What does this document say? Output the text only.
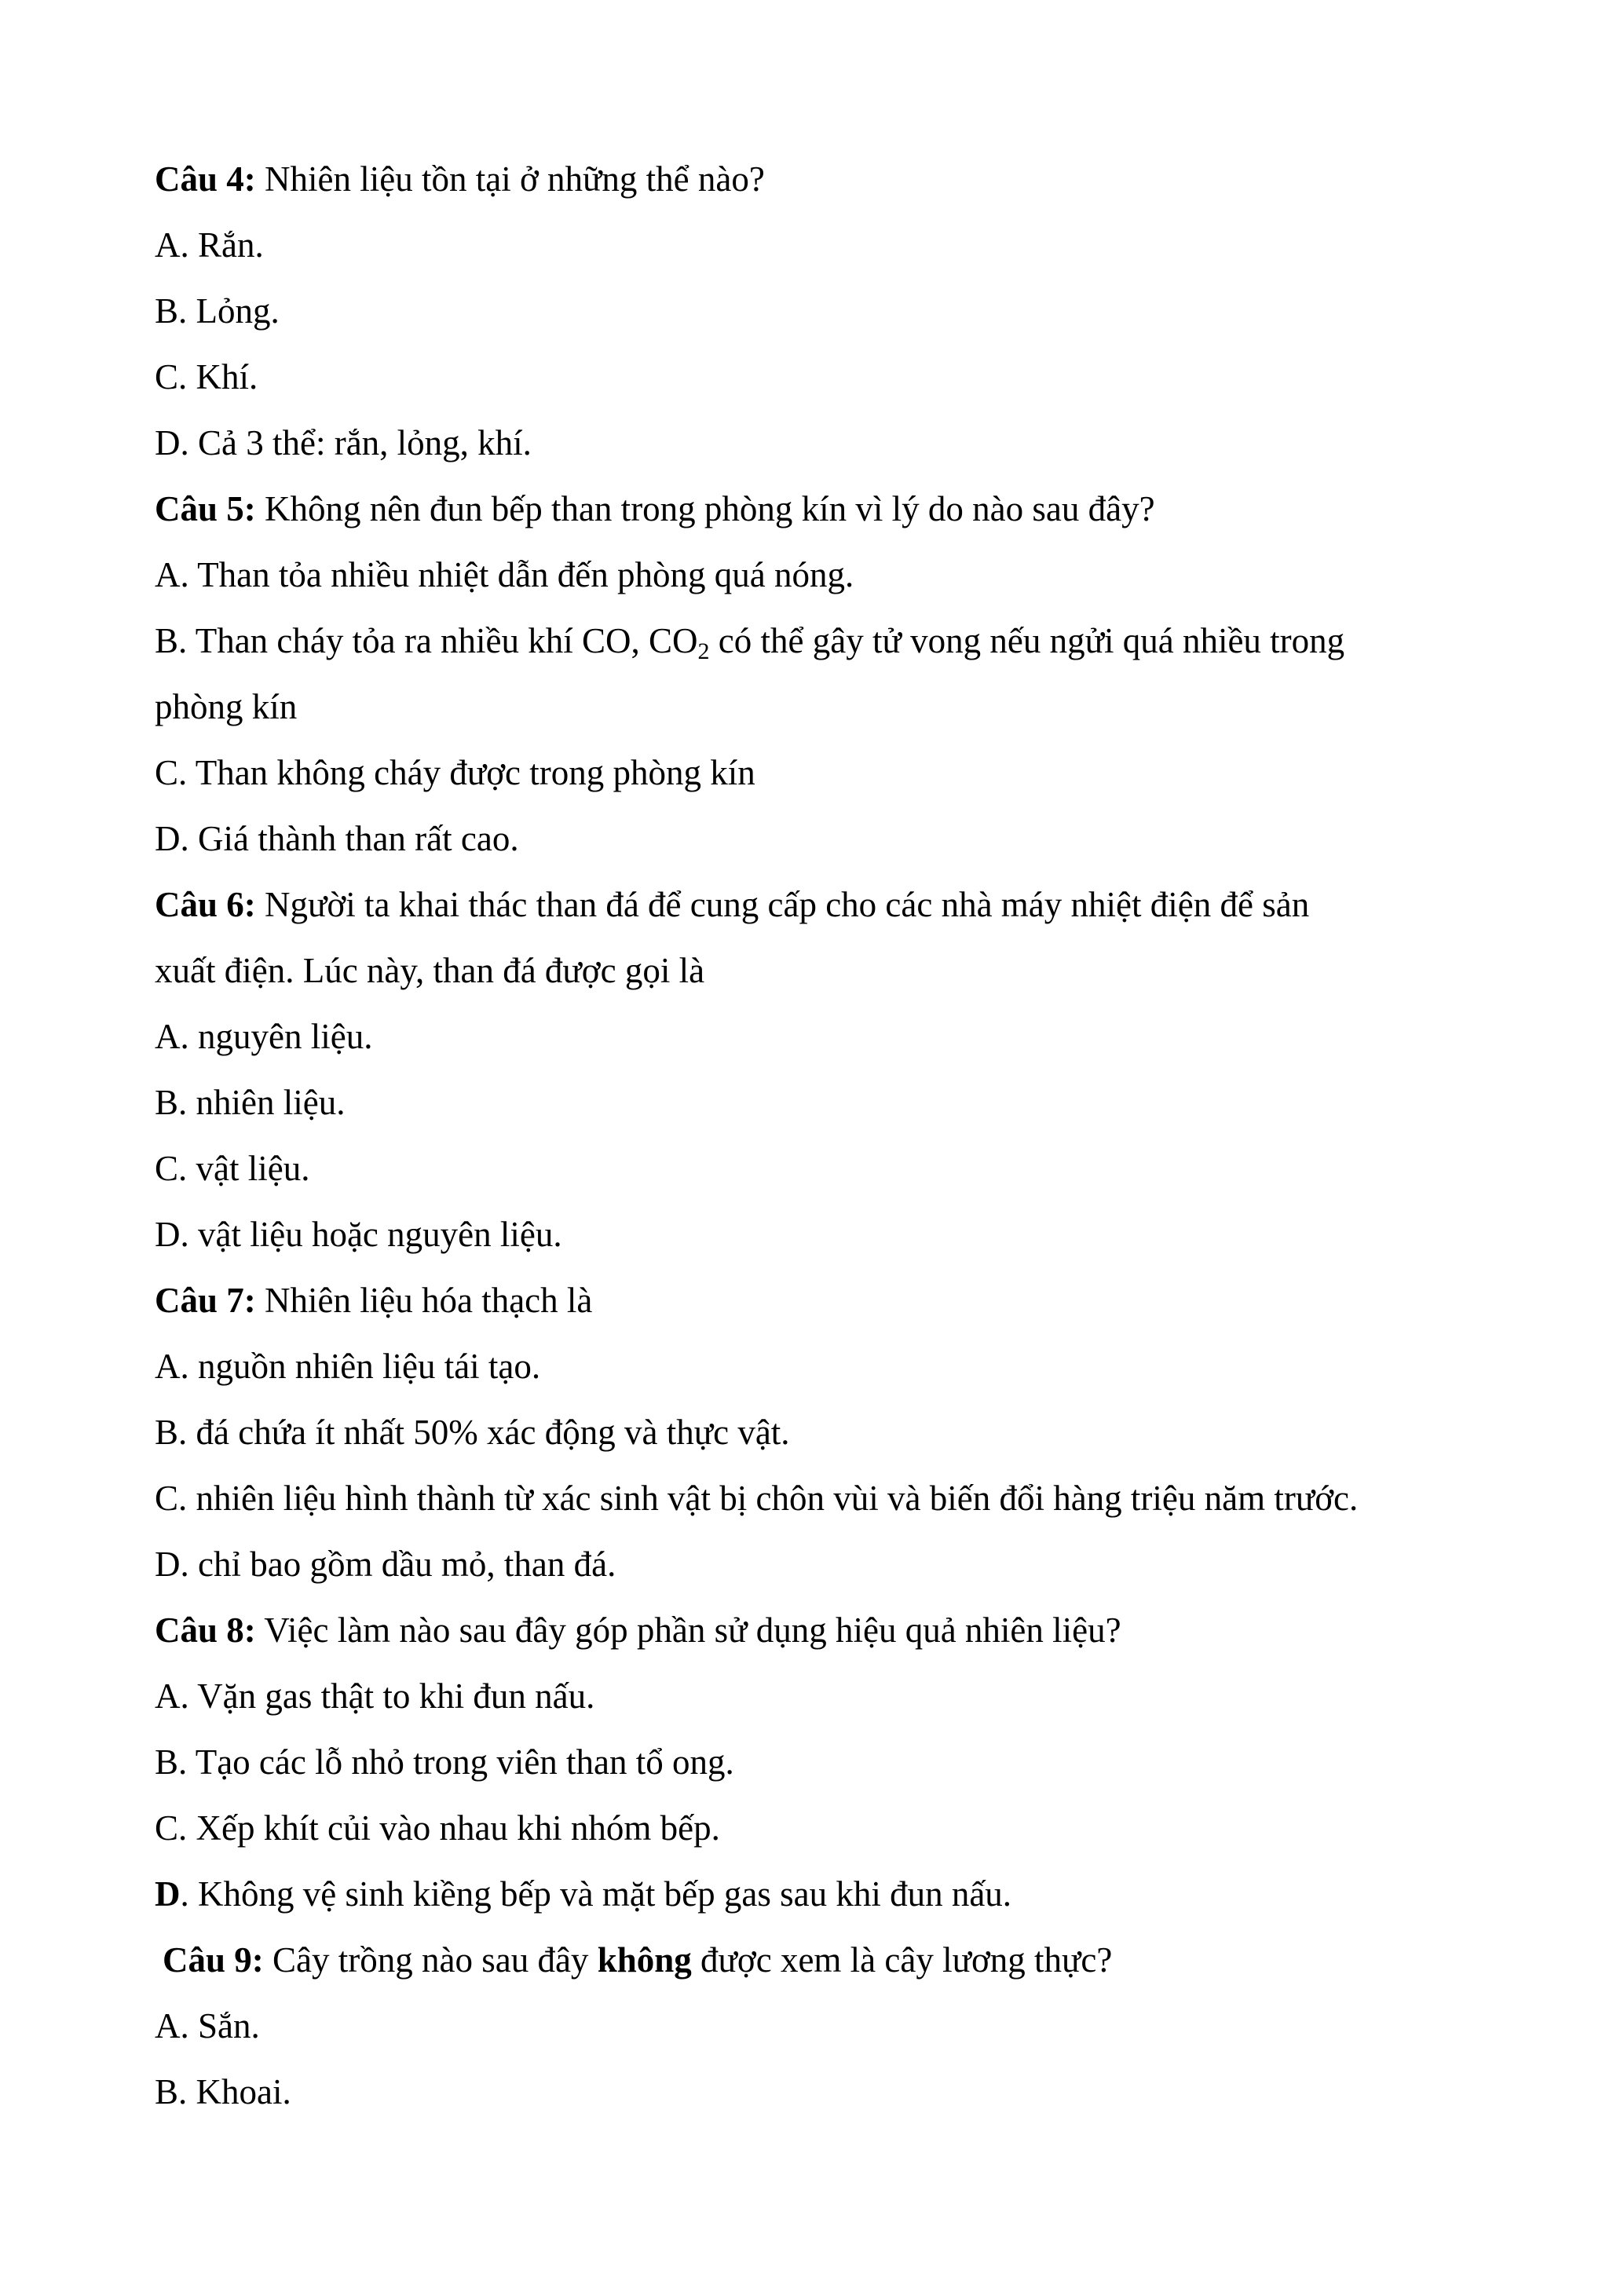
Câu 4: Nhiên liệu tồn tại ở những thể nào?
A. Rắn.
B. Lỏng.
C. Khí.
D. Cả 3 thể: rắn, lỏng, khí.
Câu 5: Không nên đun bếp than trong phòng kín vì lý do nào sau đây?
A. Than tỏa nhiều nhiệt dẫn đến phòng quá nóng.
B. Than cháy tỏa ra nhiều khí CO, $CO_2$ có thể gây tử vong nếu ngửi quá nhiều trong
phòng kín
C. Than không cháy được trong phòng kín
D. Giá thành than rất cao.
Câu 6: Người ta khai thác than đá để cung cấp cho các nhà máy nhiệt điện để sản
xuất điện. Lúc này, than đá được gọi là
A. nguyên liệu.
B. nhiên liệu.
C. vật liệu.
D. vật liệu hoặc nguyên liệu.
Câu 7: Nhiên liệu hóa thạch là
A. nguồn nhiên liệu tái tạo.
B. đá chứa ít nhất 50% xác động và thực vật.
C. nhiên liệu hình thành từ xác sinh vật bị chôn vùi và biến đổi hàng triệu năm trước.
D. chỉ bao gồm dầu mỏ, than đá.
Câu 8: Việc làm nào sau đây góp phần sử dụng hiệu quả nhiên liệu?
A. Vặn gas thật to khi đun nấu.
B. Tạo các lỗ nhỏ trong viên than tổ ong.
C. Xếp khít củi vào nhau khi nhóm bếp.
D. Không vệ sinh kiềng bếp và mặt bếp gas sau khi đun nấu.
Câu 9: Cây trồng nào sau đây không được xem là cây lương thực?
A. Sắn.
B. Khoai.
